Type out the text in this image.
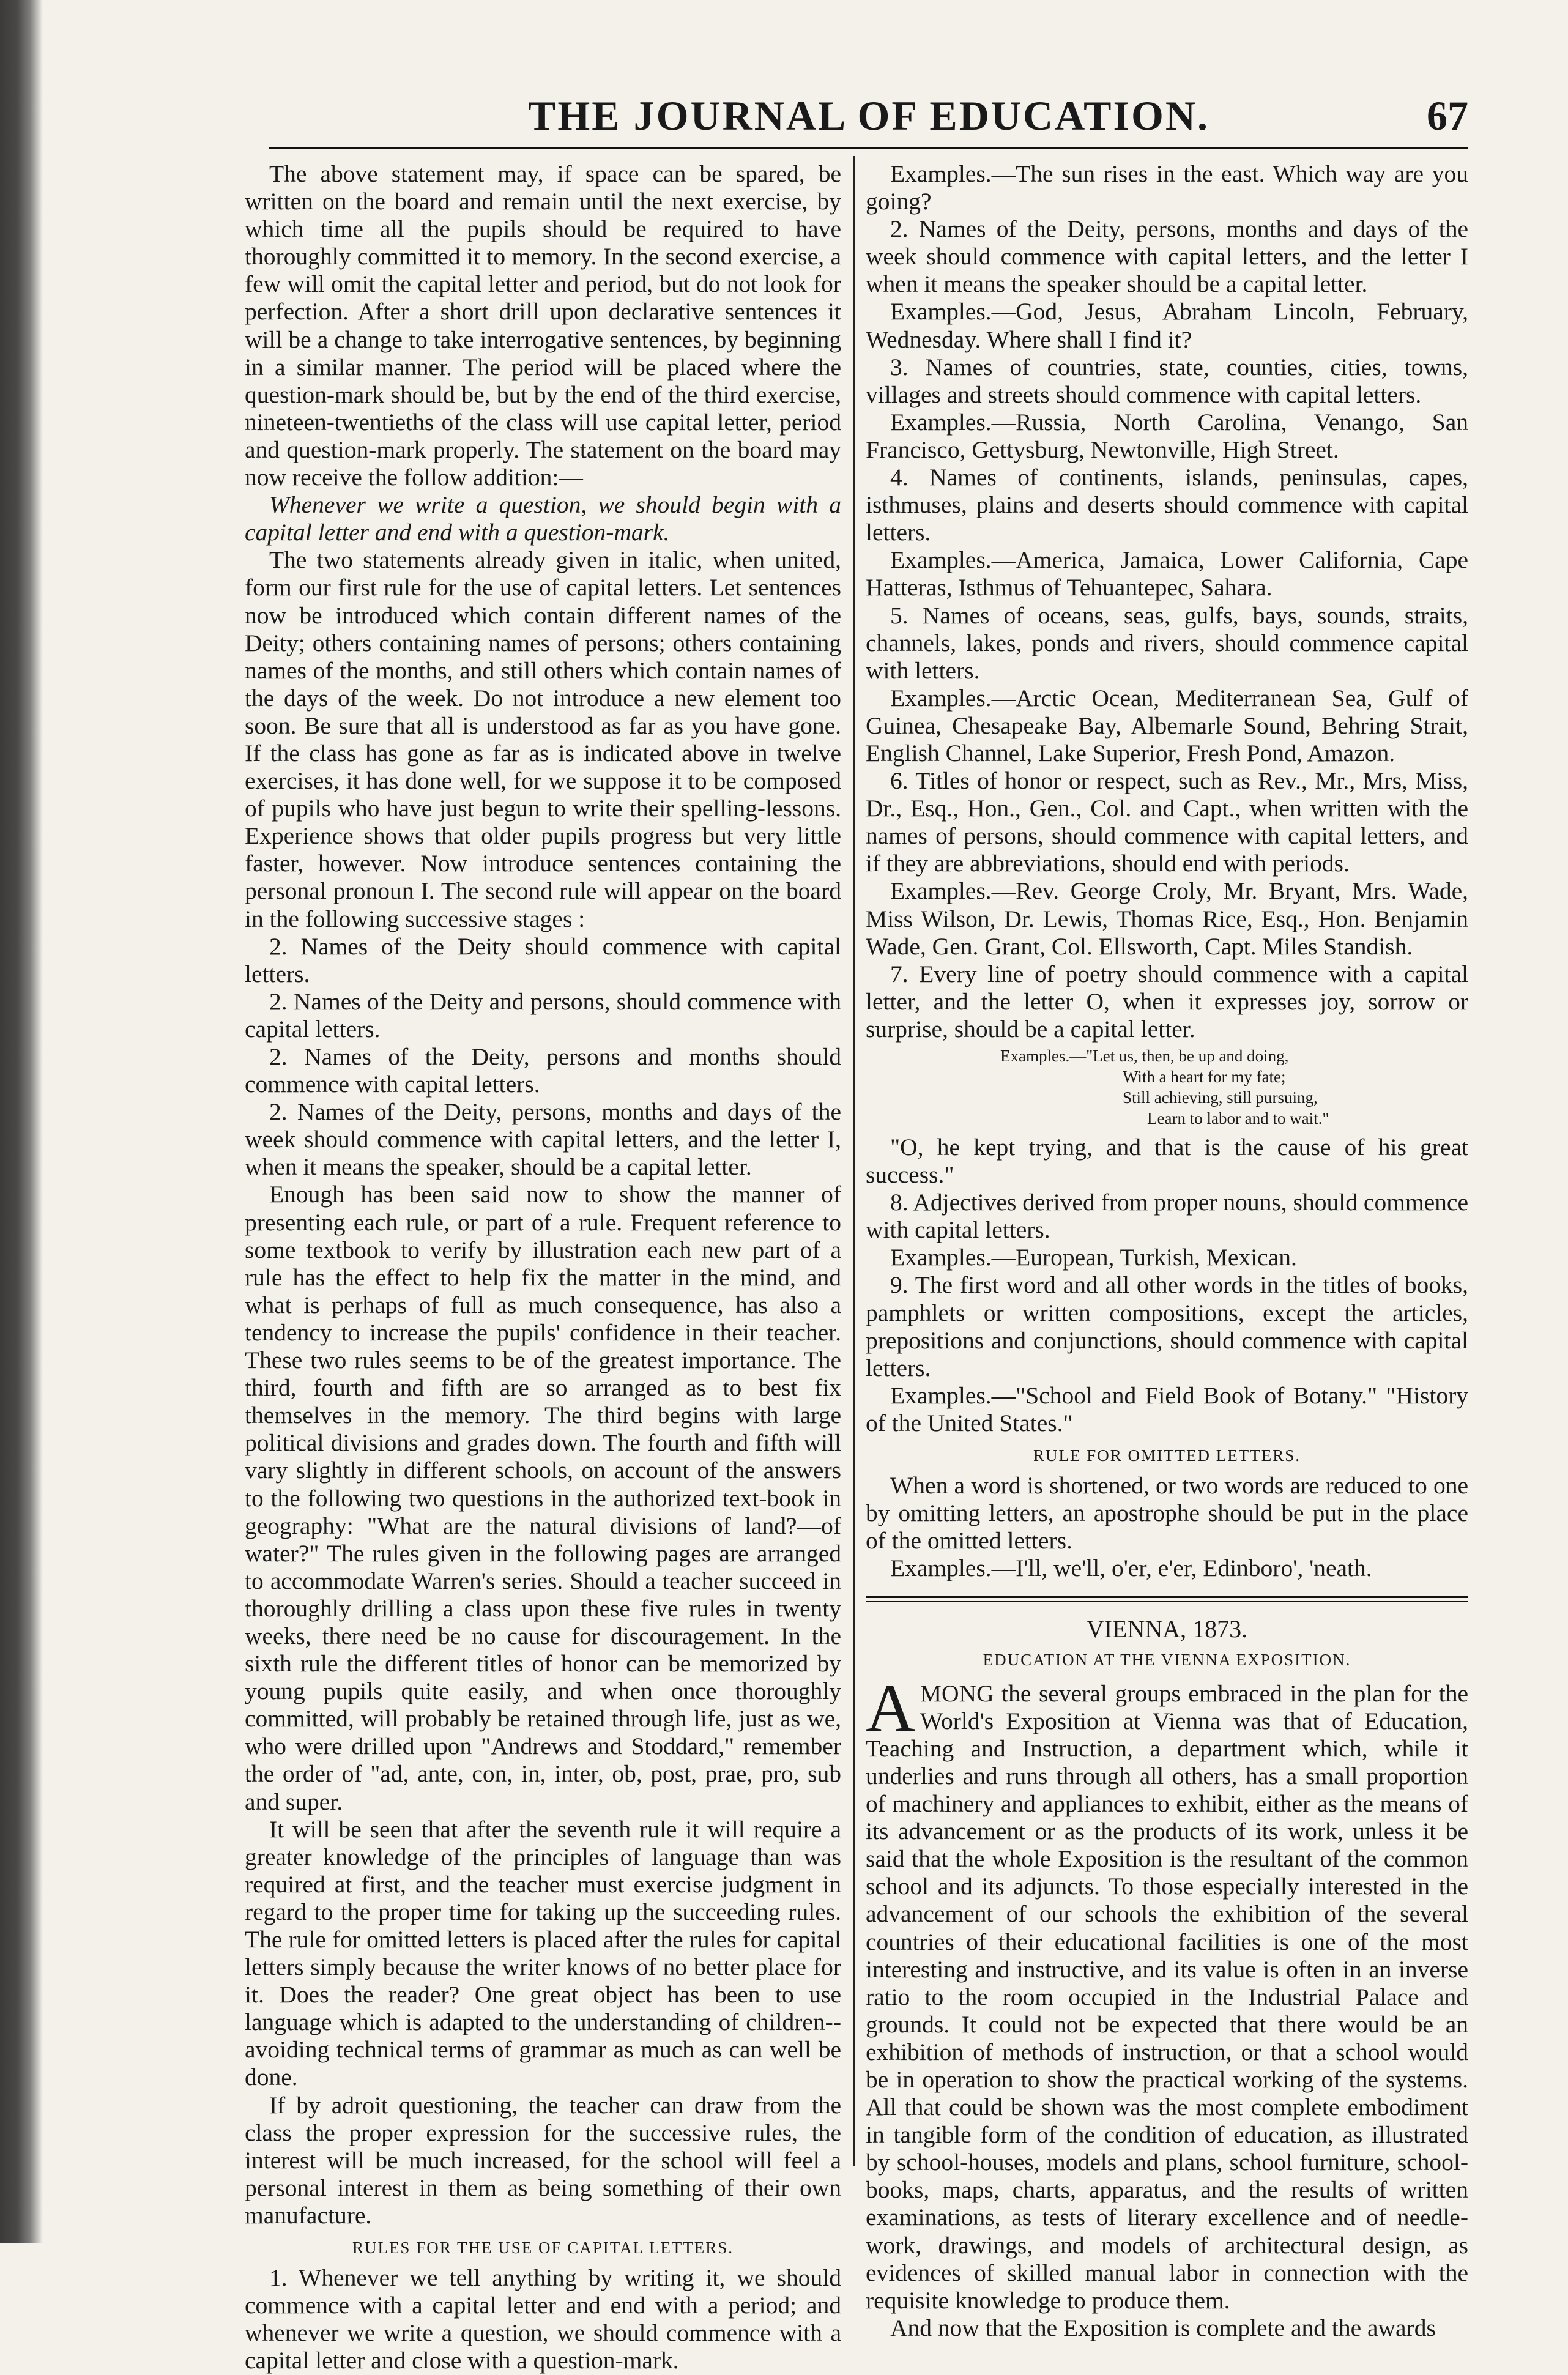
THE JOURNAL OF EDUCATION.	67

The above statement may, if space can be spared, be written on the board and remain until the next exercise, by which time all the pupils should be required to have thoroughly committed it to memory. In the second exercise, a few will omit the capital letter and period, but do not look for perfection. After a short drill upon declarative sentences it will be a change to take interrogative sentences, by beginning in a similar manner. The period will be placed where the question-mark should be, but by the end of the third exercise, nineteen-twentieths of the class will use capital letter, period and question-mark properly. The statement on the board may now receive the follow addition:—

Whenever we write a question, we should begin with a capital letter and end with a question-mark.

The two statements already given in italic, when united, form our first rule for the use of capital letters. Let sentences now be introduced which contain different names of the Deity; others containing names of persons; others containing names of the months, and still others which contain names of the days of the week. Do not introduce a new element too soon. Be sure that all is understood as far as you have gone. If the class has gone as far as is indicated above in twelve exercises, it has done well, for we suppose it to be composed of pupils who have just begun to write their spelling-lessons. Experience shows that older pupils progress but very little faster, however. Now introduce sentences containing the personal pronoun I. The second rule will appear on the board in the following successive stages :

2. Names of the Deity should commence with capital letters.

2. Names of the Deity and persons, should commence with capital letters.

2. Names of the Deity, persons and months should commence with capital letters.

2. Names of the Deity, persons, months and days of the week should commence with capital letters, and the letter I, when it means the speaker, should be a capital letter.

Enough has been said now to show the manner of presenting each rule, or part of a rule. Frequent reference to some textbook to verify by illustration each new part of a rule has the effect to help fix the matter in the mind, and what is perhaps of full as much consequence, has also a tendency to increase the pupils' confidence in their teacher. These two rules seems to be of the greatest importance. The third, fourth and fifth are so arranged as to best fix themselves in the memory. The third begins with large political divisions and grades down. The fourth and fifth will vary slightly in different schools, on account of the answers to the following two questions in the authorized text-book in geography: "What are the natural divisions of land?—of water?" The rules given in the following pages are arranged to accommodate Warren's series. Should a teacher succeed in thoroughly drilling a class upon these five rules in twenty weeks, there need be no cause for discouragement. In the sixth rule the different titles of honor can be memorized by young pupils quite easily, and when once thoroughly committed, will probably be retained through life, just as we, who were drilled upon "Andrews and Stoddard," remember the order of "ad, ante, con, in, inter, ob, post, prae, pro, sub and super.

It will be seen that after the seventh rule it will require a greater knowledge of the principles of language than was required at first, and the teacher must exercise judgment in regard to the proper time for taking up the succeeding rules. The rule for omitted letters is placed after the rules for capital letters simply because the writer knows of no better place for it. Does the reader? One great object has been to use language which is adapted to the understanding of children--avoiding technical terms of grammar as much as can well be done.

If by adroit questioning, the teacher can draw from the class the proper expression for the successive rules, the interest will be much increased, for the school will feel a personal interest in them as being something of their own manufacture.

RULES FOR THE USE OF CAPITAL LETTERS.

1. Whenever we tell anything by writing it, we should commence with a capital letter and end with a period; and whenever we write a question, we should commence with a capital letter and close with a question-mark.

Examples.—The sun rises in the east. Which way are you going?

2. Names of the Deity, persons, months and days of the week should commence with capital letters, and the letter I when it means the speaker should be a capital letter.

Examples.—God, Jesus, Abraham Lincoln, February, Wednesday. Where shall I find it?

3. Names of countries, state, counties, cities, towns, villages and streets should commence with capital letters.

Examples.—Russia, North Carolina, Venango, San Francisco, Gettysburg, Newtonville, High Street.

4. Names of continents, islands, peninsulas, capes, isthmuses, plains and deserts should commence with capital letters.

Examples.—America, Jamaica, Lower California, Cape Hatteras, Isthmus of Tehuantepec, Sahara.

5. Names of oceans, seas, gulfs, bays, sounds, straits, channels, lakes, ponds and rivers, should commence capital with letters.

Examples.—Arctic Ocean, Mediterranean Sea, Gulf of Guinea, Chesapeake Bay, Albemarle Sound, Behring Strait, English Channel, Lake Superior, Fresh Pond, Amazon.

6. Titles of honor or respect, such as Rev., Mr., Mrs, Miss, Dr., Esq., Hon., Gen., Col. and Capt., when written with the names of persons, should commence with capital letters, and if they are abbreviations, should end with periods.

Examples.—Rev. George Croly, Mr. Bryant, Mrs. Wade, Miss Wilson, Dr. Lewis, Thomas Rice, Esq., Hon. Benjamin Wade, Gen. Grant, Col. Ellsworth, Capt. Miles Standish.

7. Every line of poetry should commence with a capital letter, and the letter O, when it expresses joy, sorrow or surprise, should be a capital letter.

Examples.—"Let us, then, be up and doing,
With a heart for my fate;
Still achieving, still pursuing,
Learn to labor and to wait."

"O, he kept trying, and that is the cause of his great success."

8. Adjectives derived from proper nouns, should commence with capital letters.

Examples.—European, Turkish, Mexican.

9. The first word and all other words in the titles of books, pamphlets or written compositions, except the articles, prepositions and conjunctions, should commence with capital letters.

Examples.—"School and Field Book of Botany." "History of the United States."

RULE FOR OMITTED LETTERS.

When a word is shortened, or two words are reduced to one by omitting letters, an apostrophe should be put in the place of the omitted letters.

Examples.—I'll, we'll, o'er, e'er, Edinboro', 'neath.

VIENNA, 1873.
EDUCATION AT THE VIENNA EXPOSITION.

AMONG the several groups embraced in the plan for the World's Exposition at Vienna was that of Education, Teaching and Instruction, a department which, while it underlies and runs through all others, has a small proportion of machinery and appliances to exhibit, either as the means of its advancement or as the products of its work, unless it be said that the whole Exposition is the resultant of the common school and its adjuncts. To those especially interested in the advancement of our schools the exhibition of the several countries of their educational facilities is one of the most interesting and instructive, and its value is often in an inverse ratio to the room occupied in the Industrial Palace and grounds. It could not be expected that there would be an exhibition of methods of instruction, or that a school would be in operation to show the practical working of the systems. All that could be shown was the most complete embodiment in tangible form of the condition of education, as illustrated by school-houses, models and plans, school furniture, school-books, maps, charts, apparatus, and the results of written examinations, as tests of literary excellence and of needle-work, drawings, and models of architectural design, as evidences of skilled manual labor in connection with the requisite knowledge to produce them.

And now that the Exposition is complete and the awards
